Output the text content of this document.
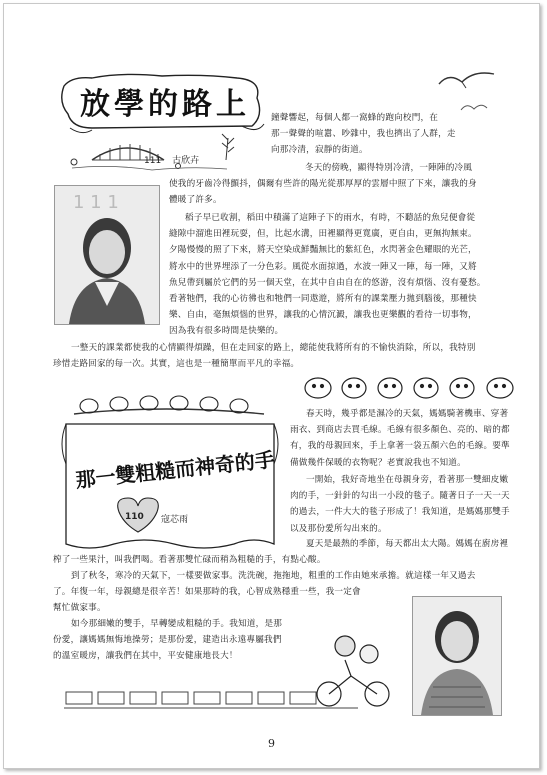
放學的路上
111 古欣卉
1 1 1

鐘聲響起，每個人都一窩蜂的跑向校門，在
那一聲聲的喧囂、吵雜中，我也擠出了人群，走
向那冷清，寂靜的街道。

冬天的傍晚，顯得特別冷清，一陣陣的冷風
使我的牙齒冷得顫抖，偶爾有些許的陽光從那厚厚的雲層中照了下來，讓我的身
體暖了許多。

稻子早已收割，稻田中積滿了這陣子下的雨水，有時，不聽話的魚兒便會從
縫隙中溜進田裡玩耍，但，比起水溝，田裡顯得更寬廣，更自由，更無拘無束。
夕陽慢慢的照了下來，將天空染成鮮豔無比的紫紅色，水閃著金色耀眼的光芒，
將水中的世界埋添了一分色彩。風從水面掠過，水波一陣又一陣，每一陣，又將
魚兒帶到屬於它們的另一個天堂，在其中自由自在的悠游，沒有煩惱、沒有憂愁。
看著牠們，我的心彷彿也和牠們一同遨遊，將所有的課業壓力拋到腦後，那種快
樂、自由，毫無煩惱的世界，讓我的心情沉澱，讓我也更樂觀的看待一切事物，
因為我有很多時間是快樂的。

一整天的課業都使我的心情顯得煩躁，但在走回家的路上，總能使我將所有的不愉快消除，所以，我特別
珍惜走路回家的每一次。其實，這也是一種簡單而平凡的幸福。

那一雙粗糙而神奇的手
110 寇芯雨

春天時，幾乎都是濕冷的天氣，媽媽騎著機車、穿著
雨衣、到商店去買毛線。毛線有很多顏色、亮的、暗的都
有，我的母親回來，手上拿著一袋五顏六色的毛線。要準
備做幾件保暖的衣物呢？老實說我也不知道。

一開始，我好奇地坐在母親身旁，看著那一雙細皮嫩
肉的手，一針針的勾出一小段的毯子。隨著日子一天一天
的過去，一件大大的毯子形成了！我知道，是媽媽那雙手
以及那份愛所勾出來的。

夏天是最熱的季節，每天都出太大陽。媽媽在廚房裡
榨了一些果汁，叫我們喝。看著那雙忙碌而稍為粗糙的手，有點心酸。

到了秋冬，寒冷的天氣下，一樣要做家事。洗洗碗，拖拖地，粗重的工作由她來承擔。就這樣一年又過去
了。年復一年，母親總是很辛苦！如果那時的我，心智成熟穩重一些，我一定會
幫忙做家事。

如今那細嫩的雙手，早轉變成粗糙的手。我知道，是那
份愛，讓媽媽無悔地操勞；是那份愛，建造出永遠專屬我們
的溫室暖房，讓我們在其中，平安健康地長大！

9
